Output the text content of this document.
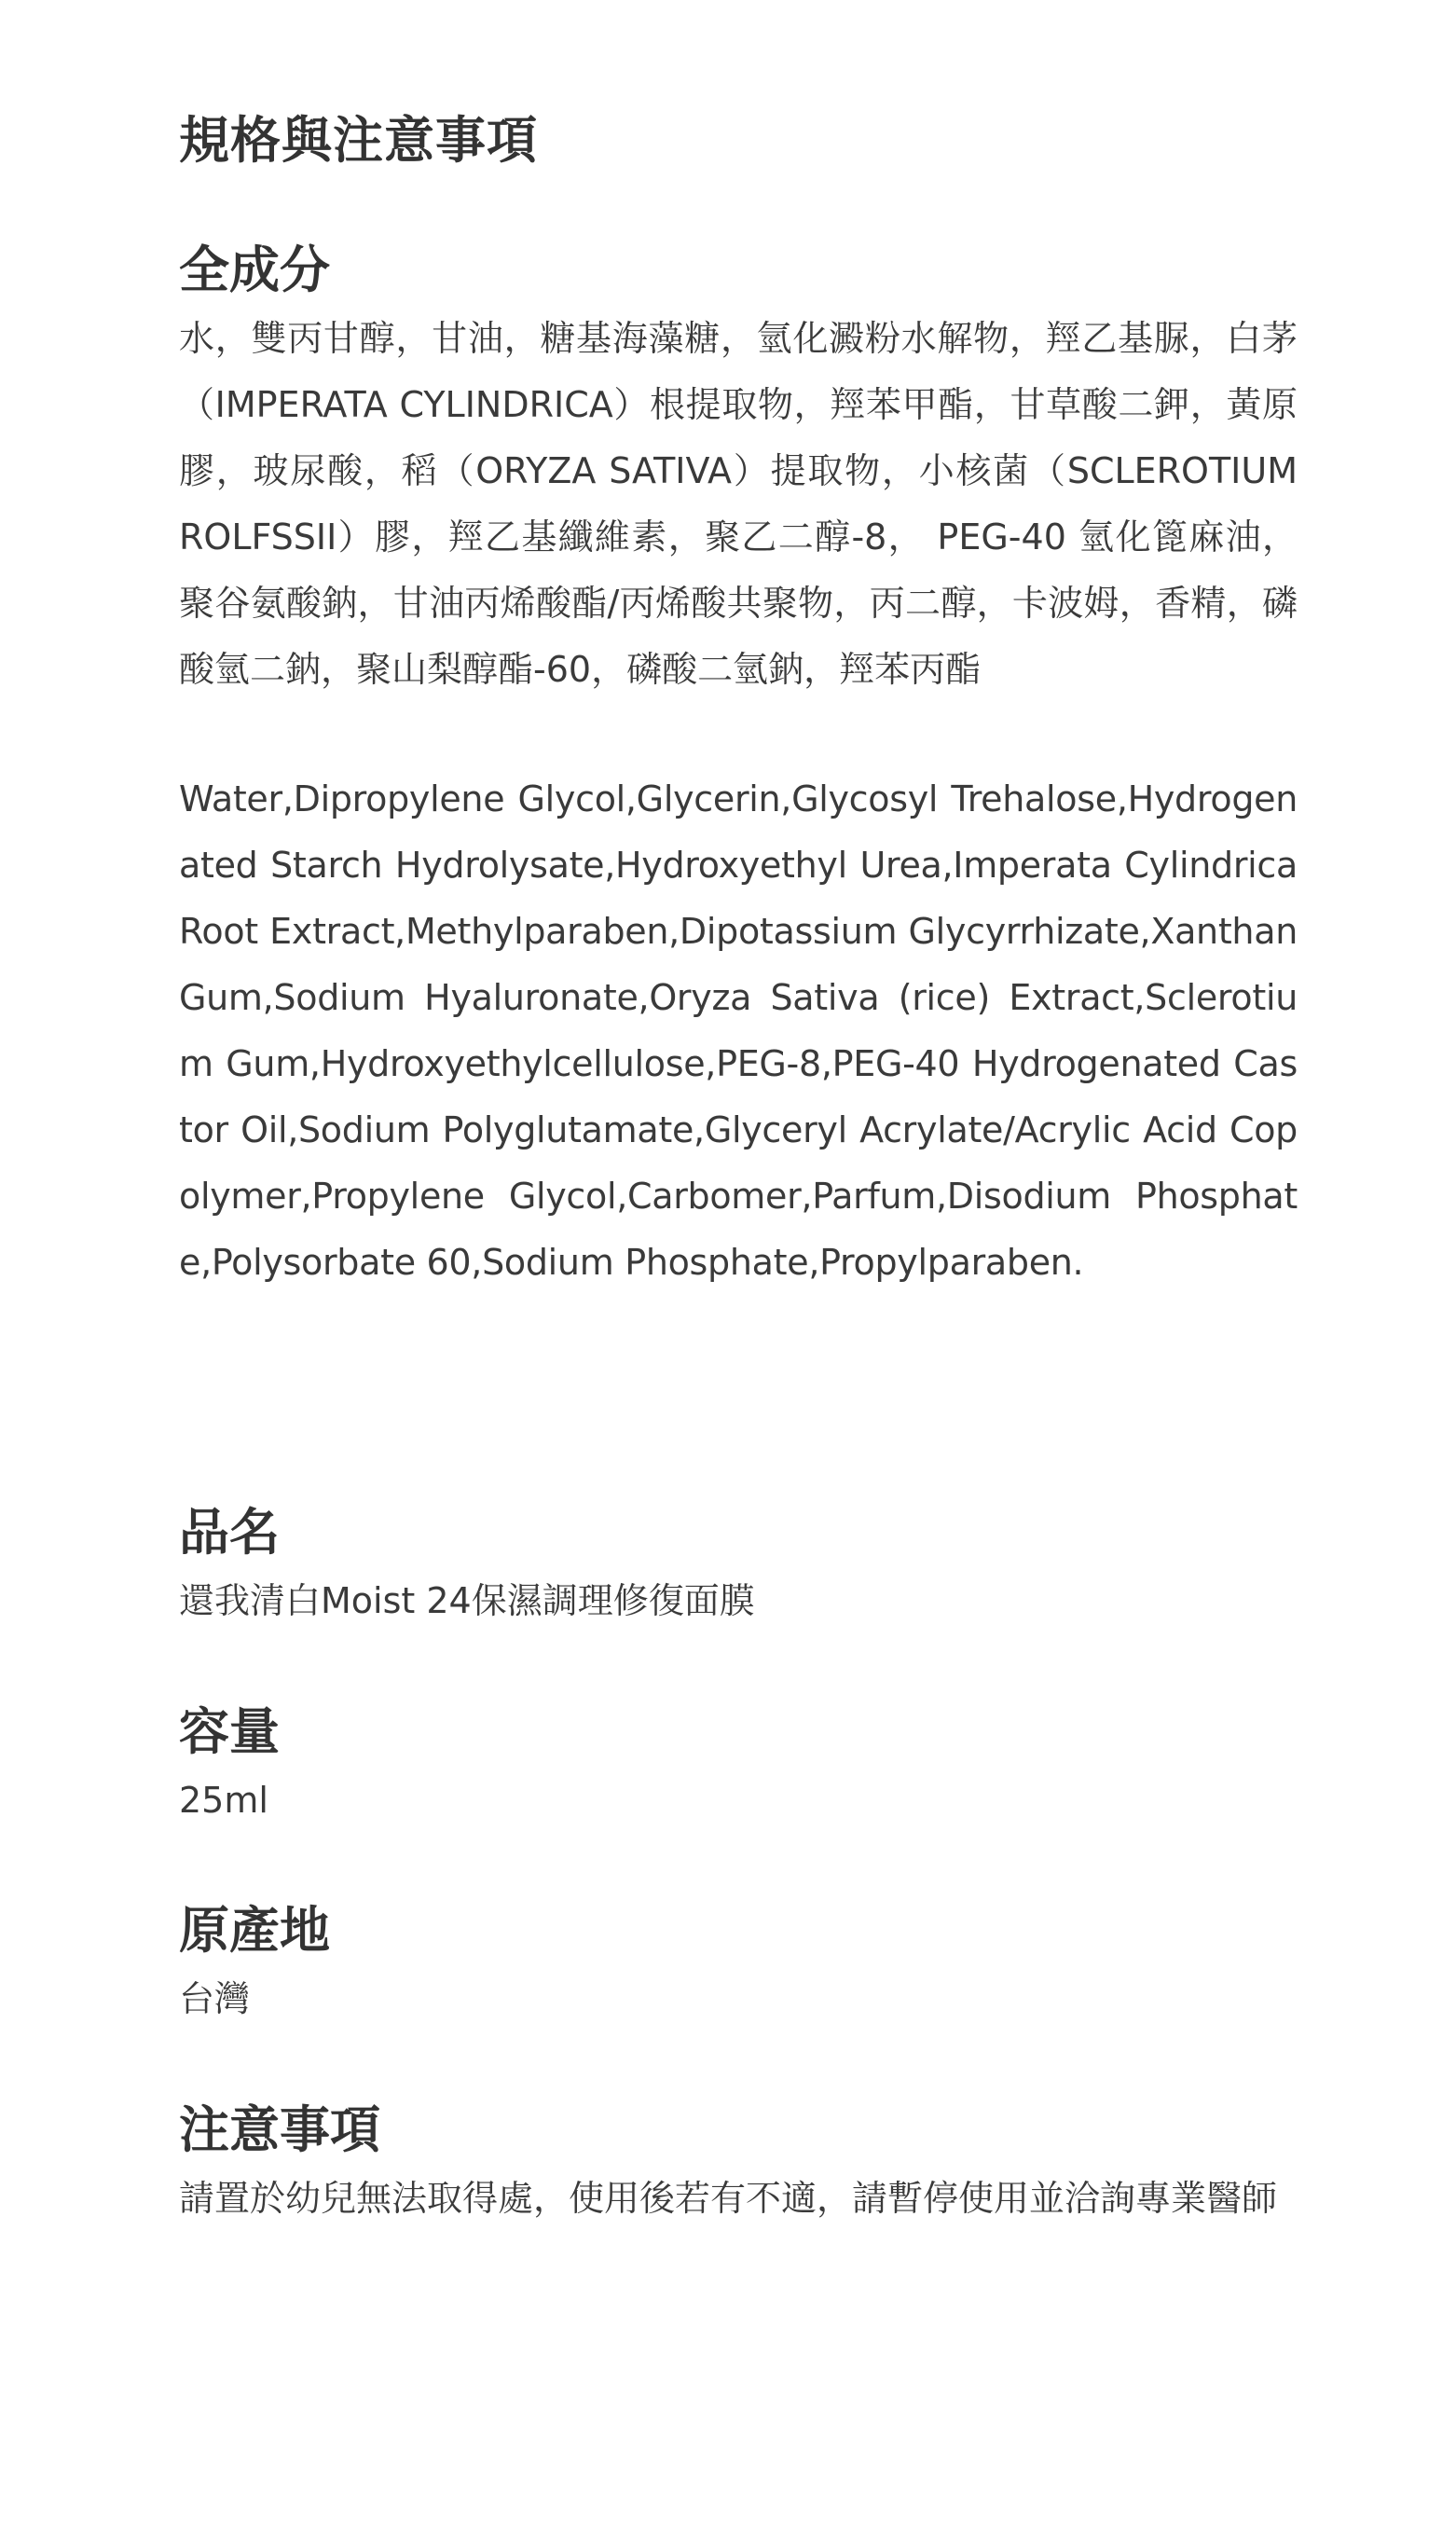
規格與注意事項
全成分

水，雙丙甘醇，甘油，糖基海藻糖，氫化澱粉水解物，羥乙基脲，白茅（IMPERATA CYLINDRICA）根提取物，羥苯甲酯，甘草酸二鉀，黃原膠，玻尿酸，稻（ORYZA SATIVA）提取物，小核菌（SCLEROTIUM ROLFSSII）膠，羥乙基纖維素，聚乙二醇-8， PEG-40 氫化篦麻油，聚谷氨酸鈉，甘油丙烯酸酯/丙烯酸共聚物，丙二醇，卡波姆，香精，磷酸氫二鈉，聚山梨醇酯-60，磷酸二氫鈉，羥苯丙酯

Water,Dipropylene Glycol,Glycerin,Glycosyl Trehalose,Hydrogenated Starch Hydrolysate,Hydroxyethyl Urea,Imperata Cylindrica Root Extract,Methylparaben,Dipotassium Glycyrrhizate,Xanthan Gum,Sodium Hyaluronate,Oryza Sativa (rice) Extract,Sclerotium Gum,Hydroxyethylcellulose,PEG-8,PEG-40 Hydrogenated Castor Oil,Sodium Polyglutamate,Glyceryl Acrylate/Acrylic Acid Copolymer,Propylene Glycol,Carbomer,Parfum,Disodium Phosphate,Polysorbate 60,Sodium Phosphate,Propylparaben.

品名

還我清白Moist 24保濕調理修復面膜

容量

25ml

原產地

台灣

注意事項

請置於幼兒無法取得處，使用後若有不適，請暫停使用並洽詢專業醫師
